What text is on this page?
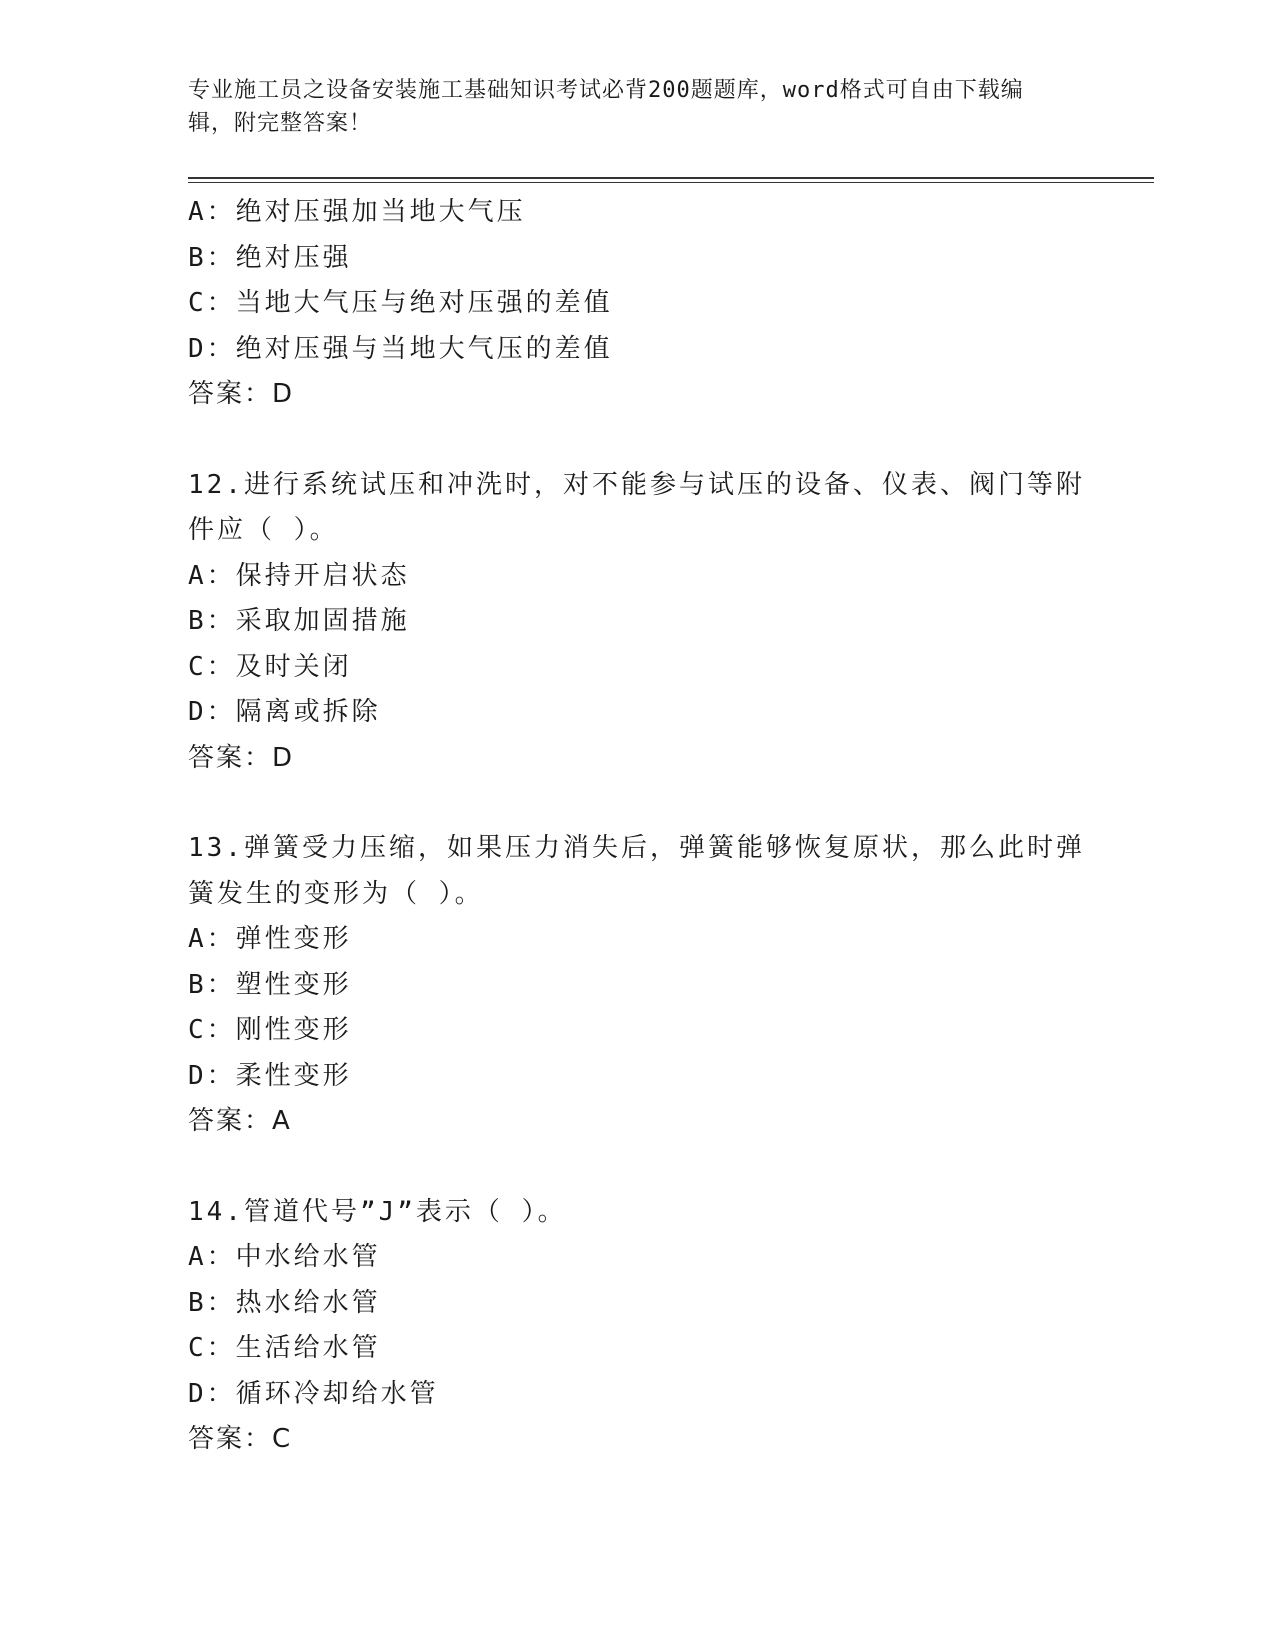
专业施工员之设备安装施工基础知识考试必背200题题库，word格式可自由下载编辑，附完整答案！
A：绝对压强加当地大气压
B：绝对压强
C：当地大气压与绝对压强的差值
D：绝对压强与当地大气压的差值
答案：D
12.进行系统试压和冲洗时，对不能参与试压的设备、仪表、阀门等附
件应（ ）。
A：保持开启状态
B：采取加固措施
C：及时关闭
D：隔离或拆除
答案：D
13.弹簧受力压缩，如果压力消失后，弹簧能够恢复原状，那么此时弹
簧发生的变形为（ ）。
A：弹性变形
B：塑性变形
C：刚性变形
D：柔性变形
答案：A
14.管道代号”J”表示（ ）。
A：中水给水管
B：热水给水管
C：生活给水管
D：循环冷却给水管
答案：C
